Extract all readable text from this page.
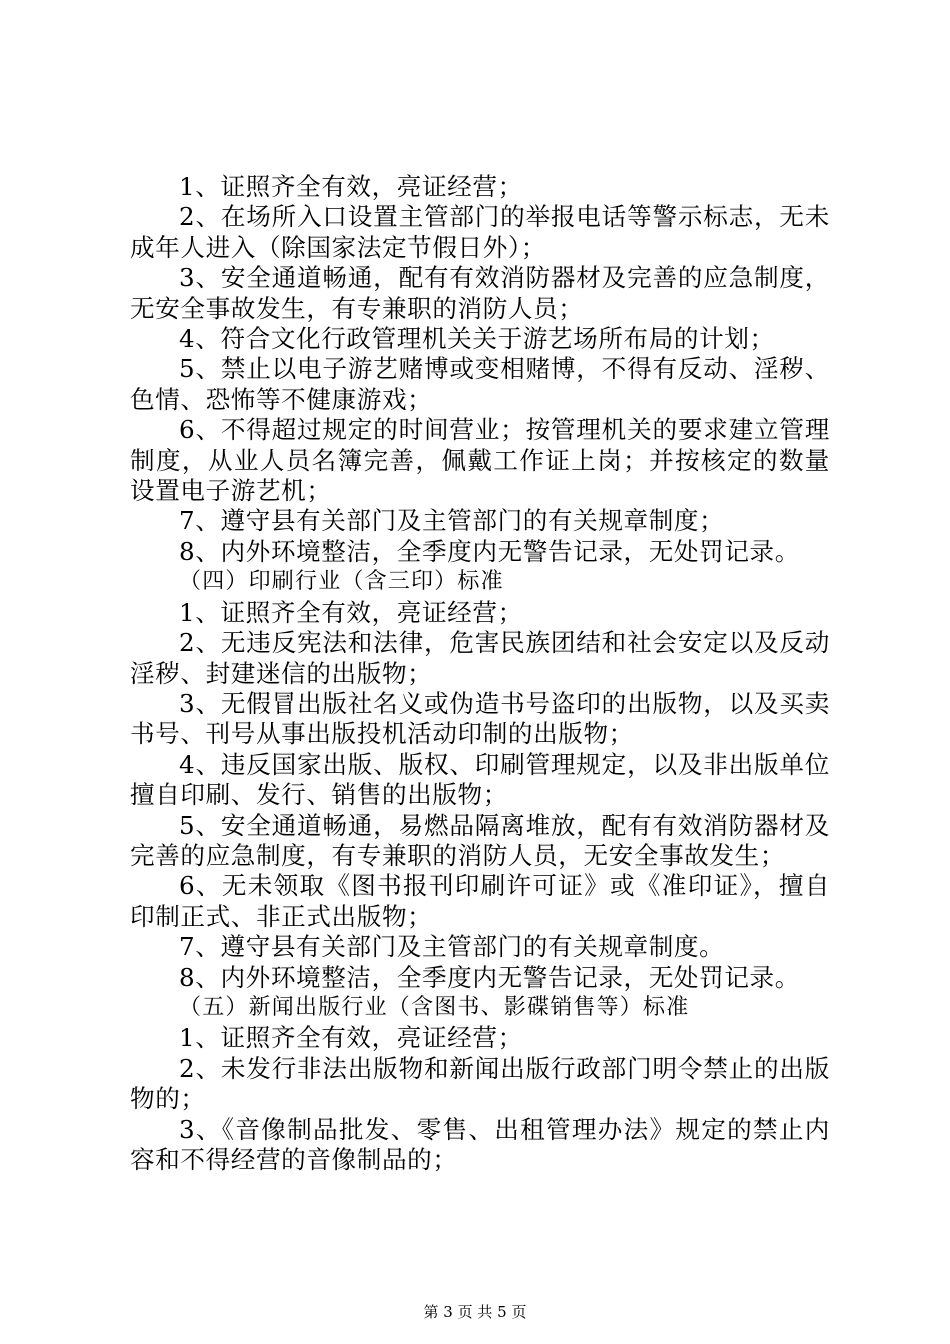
1、证照齐全有效，亮证经营；

2、在场所入口设置主管部门的举报电话等警示标志，无未成年人进入（除国家法定节假日外）；

3、安全通道畅通，配有有效消防器材及完善的应急制度，无安全事故发生，有专兼职的消防人员；

4、符合文化行政管理机关关于游艺场所布局的计划；

5、禁止以电子游艺赌博或变相赌博，不得有反动、淫秽、色情、恐怖等不健康游戏；

6、不得超过规定的时间营业；按管理机关的要求建立管理制度，从业人员名簿完善，佩戴工作证上岗；并按核定的数量设置电子游艺机；

7、遵守县有关部门及主管部门的有关规章制度；

8、内外环境整洁，全季度内无警告记录，无处罚记录。

（四）印刷行业（含三印）标准

1、证照齐全有效，亮证经营；

2、无违反宪法和法律，危害民族团结和社会安定以及反动淫秽、封建迷信的出版物；

3、无假冒出版社名义或伪造书号盗印的出版物，以及买卖书号、刊号从事出版投机活动印制的出版物；

4、违反国家出版、版权、印刷管理规定，以及非出版单位擅自印刷、发行、销售的出版物；

5、安全通道畅通，易燃品隔离堆放，配有有效消防器材及完善的应急制度，有专兼职的消防人员，无安全事故发生；

6、无未领取《图书报刊印刷许可证》或《准印证》，擅自印制正式、非正式出版物；

7、遵守县有关部门及主管部门的有关规章制度。

8、内外环境整洁，全季度内无警告记录，无处罚记录。

（五）新闻出版行业（含图书、影碟销售等）标准

1、证照齐全有效，亮证经营；

2、未发行非法出版物和新闻出版行政部门明令禁止的出版物的；

3、《音像制品批发、零售、出租管理办法》规定的禁止内容和不得经营的音像制品的；

第 3 页 共 5 页
